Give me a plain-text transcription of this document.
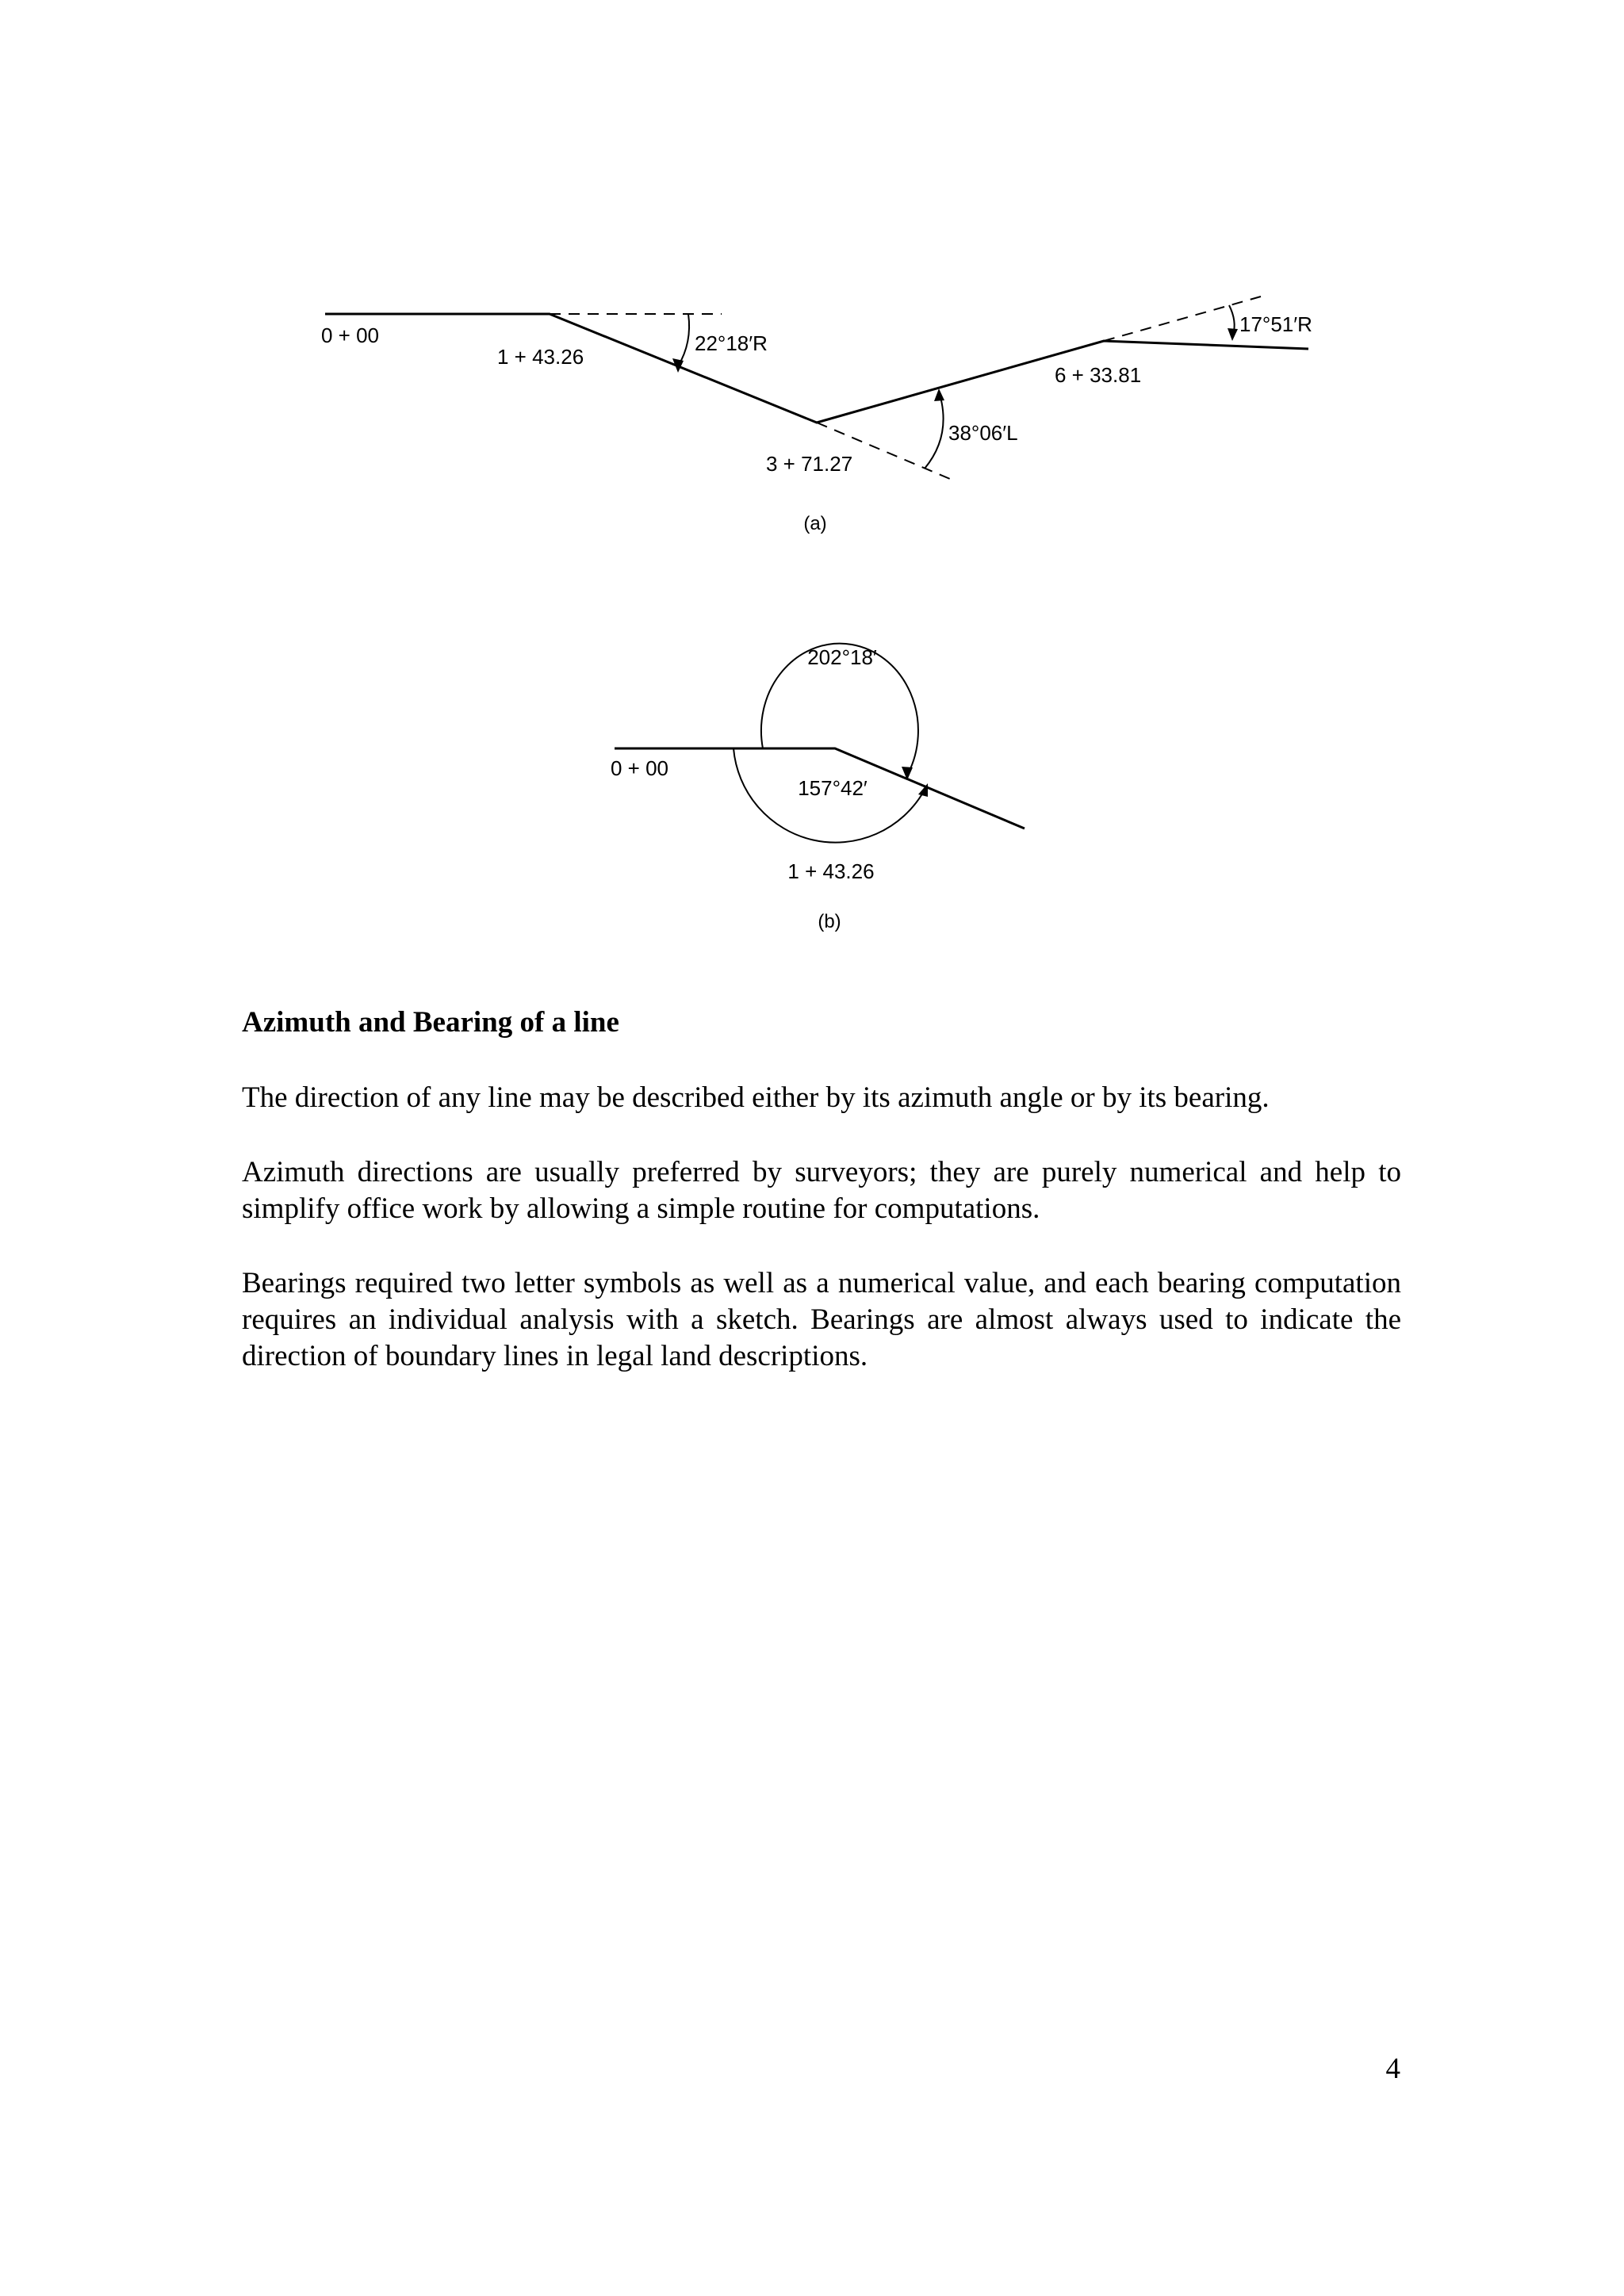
0 + 00
1 + 43.26
22°18′R
3 + 71.27
38°06′L
6 + 33.81
17°51′R
(a)
202°18′
0 + 00
157°42′
1 + 43.26
(b)
Azimuth and Bearing of a line

The direction of any line may be described either by its azimuth angle or by its bearing.

Azimuth directions are usually preferred by surveyors; they are purely numerical and help to simplify office work by allowing a simple routine for computations.

Bearings required two letter symbols as well as a numerical value, and each bearing computation requires an individual analysis with a sketch. Bearings are almost always used to indicate the direction of boundary lines in legal land descriptions.

4
